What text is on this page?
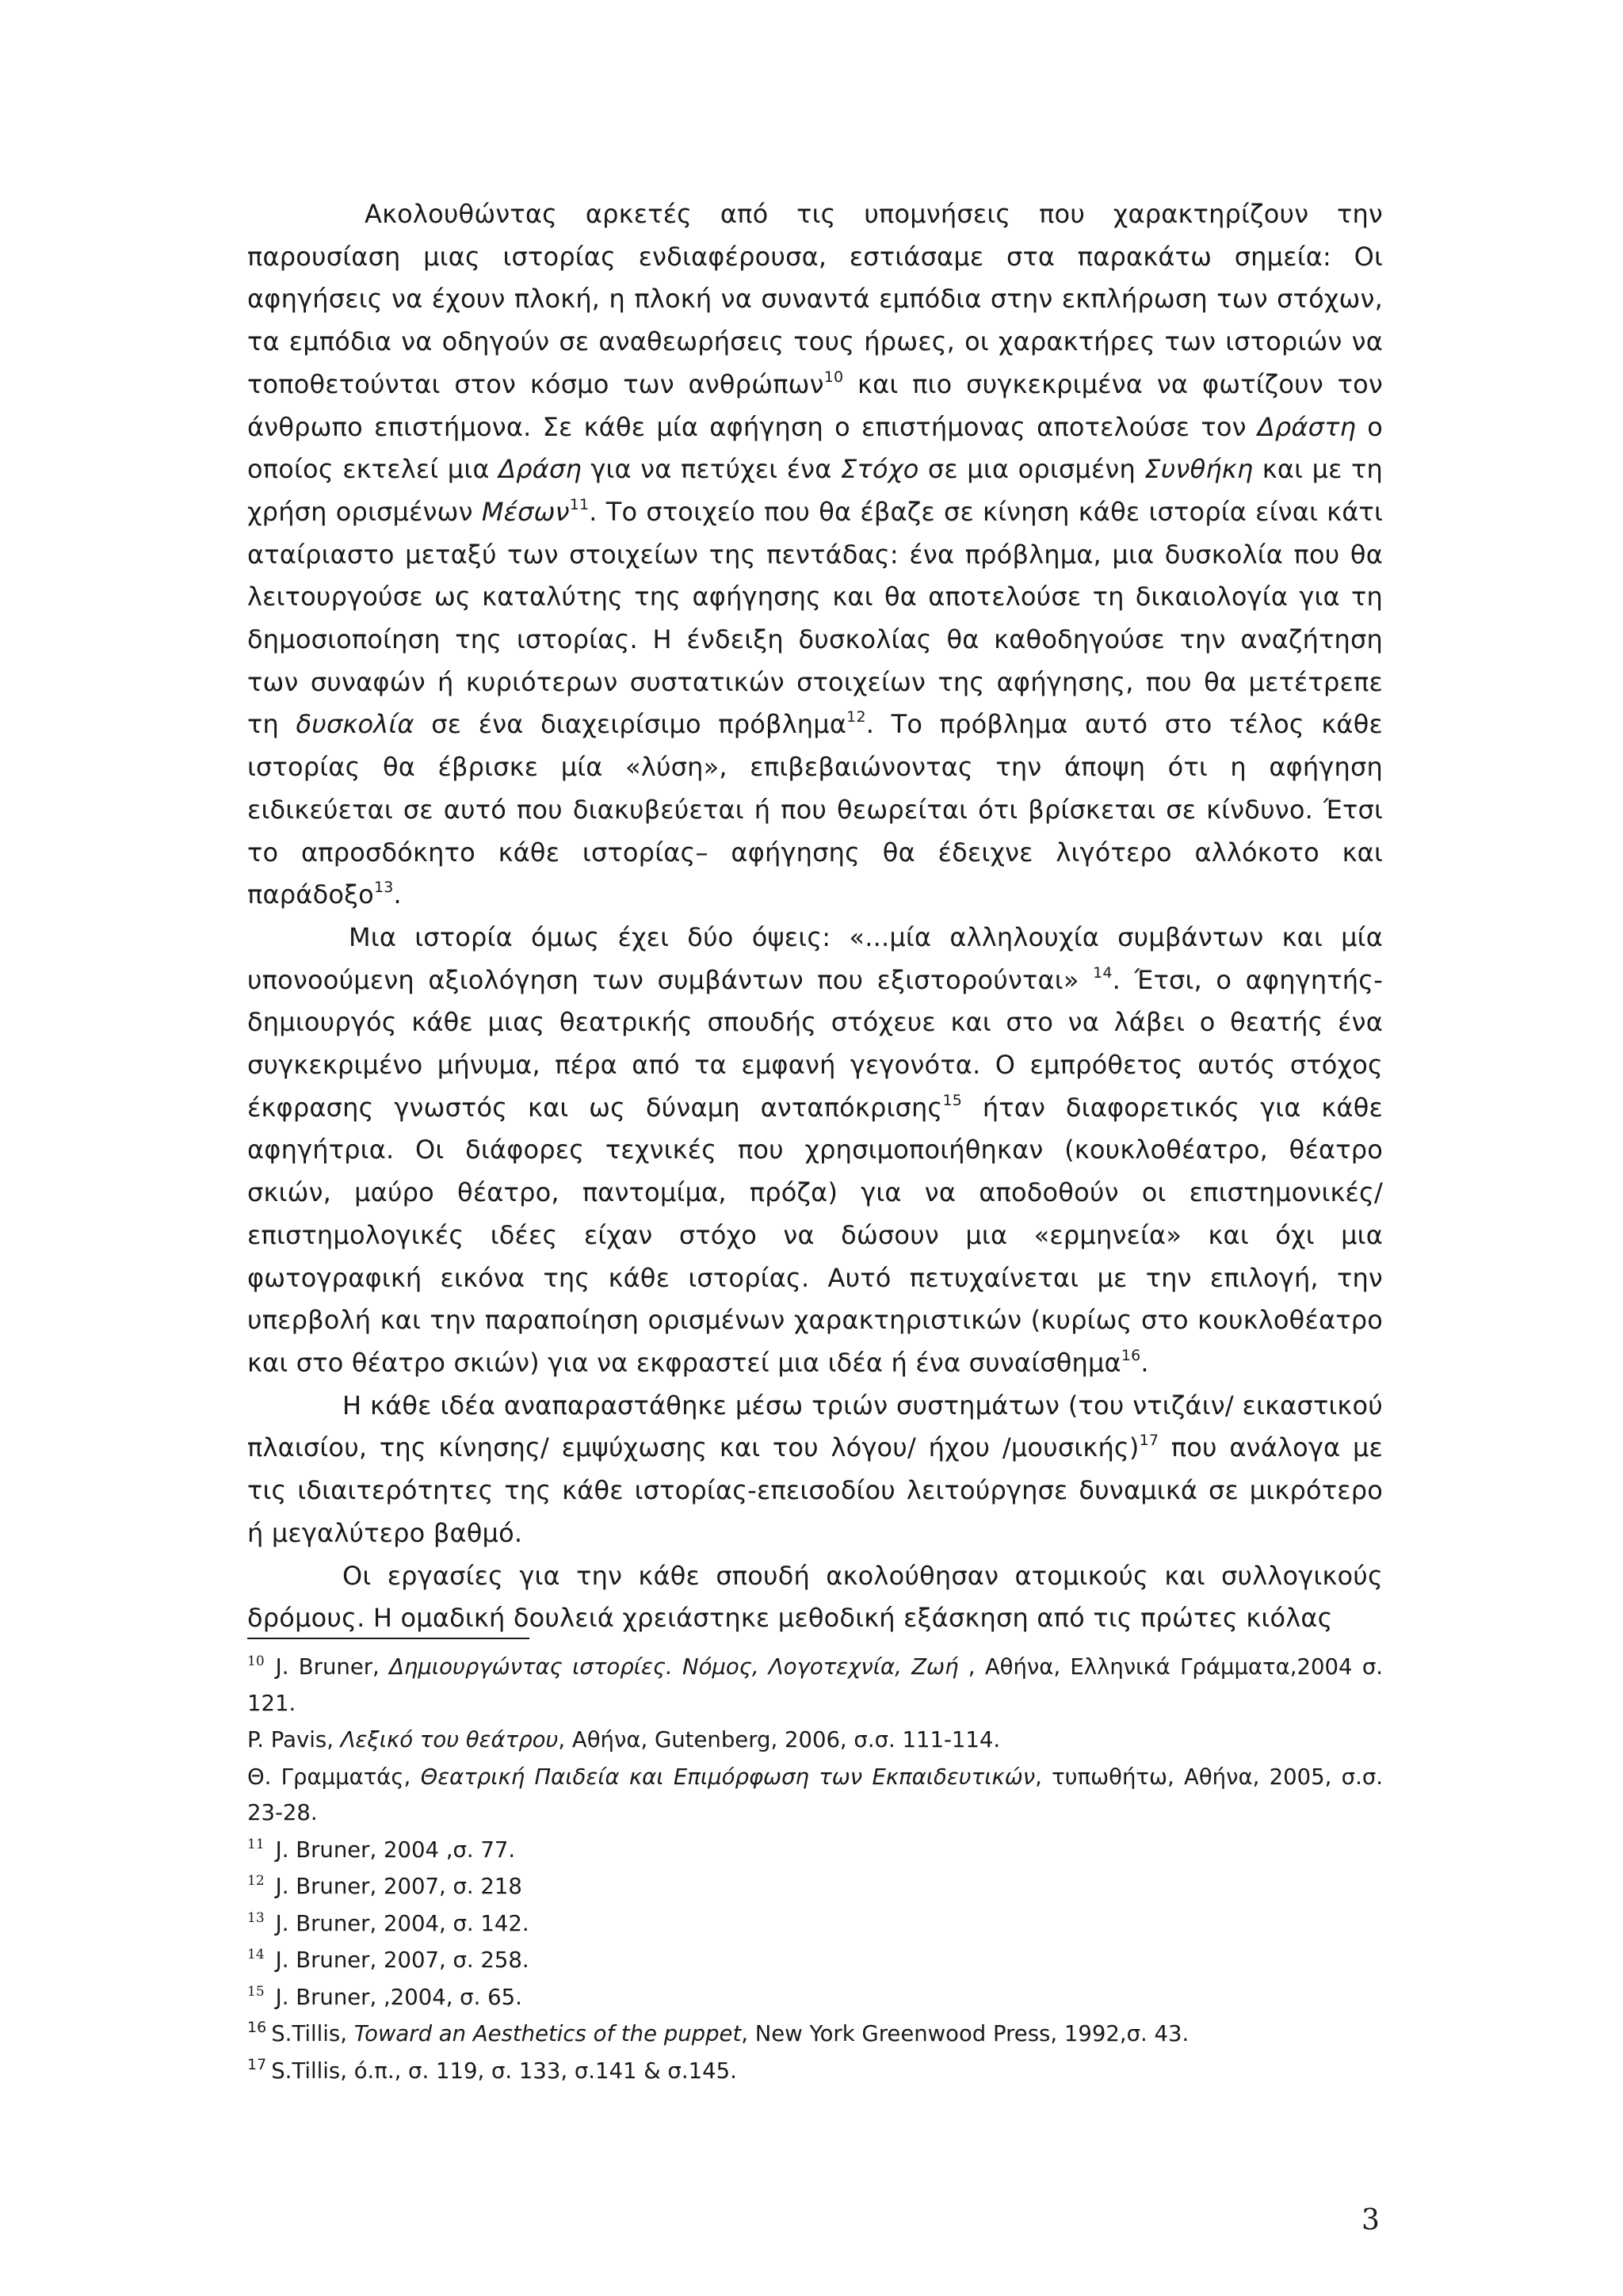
Ακολουθώντας αρκετές από τις υπομνήσεις που χαρακτηρίζουν την παρουσίαση μιας ιστορίας ενδιαφέρουσα, εστιάσαμε στα παρακάτω σημεία: Οι αφηγήσεις να έχουν πλοκή, η πλοκή να συναντά εμπόδια στην εκπλήρωση των στόχων, τα εμπόδια να οδηγούν σε αναθεωρήσεις τους ήρωες, οι χαρακτήρες των ιστοριών να τοποθετούνται στον κόσμο των ανθρώπων$^{10}$ και πιο συγκεκριμένα να φωτίζουν τον άνθρωπο επιστήμονα. Σε κάθε μία αφήγηση ο επιστήμονας αποτελούσε τον Δράστη ο οποίος εκτελεί μια Δράση για να πετύχει ένα Στόχο σε μια ορισμένη Συνθήκη και με τη χρήση ορισμένων Μέσων$^{11}$. Το στοιχείο που θα έβαζε σε κίνηση κάθε ιστορία είναι κάτι αταίριαστο μεταξύ των στοιχείων της πεντάδας: ένα πρόβλημα, μια δυσκολία που θα λειτουργούσε ως καταλύτης της αφήγησης και θα αποτελούσε τη δικαιολογία για τη δημοσιοποίηση της ιστορίας. Η ένδειξη δυσκολίας θα καθοδηγούσε την αναζήτηση των συναφών ή κυριότερων συστατικών στοιχείων της αφήγησης, που θα μετέτρεπε τη δυσκολία σε ένα διαχειρίσιμο πρόβλημα$^{12}$. Το πρόβλημα αυτό στο τέλος κάθε ιστορίας θα έβρισκε μία «λύση», επιβεβαιώνοντας την άποψη ότι η αφήγηση ειδικεύεται σε αυτό που διακυβεύεται ή που θεωρείται ότι βρίσκεται σε κίνδυνο. Έτσι το απροσδόκητο κάθε ιστορίας– αφήγησης θα έδειχνε λιγότερο αλλόκοτο και παράδοξο$^{13}$.

Μια ιστορία όμως έχει δύο όψεις: «...μία αλληλουχία συμβάντων και μία υπονοούμενη αξιολόγηση των συμβάντων που εξιστορούνται» $^{14}$. Έτσι, ο αφηγητής-δημιουργός κάθε μιας θεατρικής σπουδής στόχευε και στο να λάβει ο θεατής ένα συγκεκριμένο μήνυμα, πέρα από τα εμφανή γεγονότα. Ο εμπρόθετος αυτός στόχος έκφρασης γνωστός και ως δύναμη ανταπόκρισης$^{15}$ ήταν διαφορετικός για κάθε αφηγήτρια. Οι διάφορες τεχνικές που χρησιμοποιήθηκαν (κουκλοθέατρο, θέατρο σκιών, μαύρο θέατρο, παντομίμα, πρόζα) για να αποδοθούν οι επιστημονικές/ επιστημολογικές ιδέες είχαν στόχο να δώσουν μια «ερμηνεία» και όχι μια φωτογραφική εικόνα της κάθε ιστορίας. Αυτό πετυχαίνεται με την επιλογή, την υπερβολή και την παραποίηση ορισμένων χαρακτηριστικών (κυρίως στο κουκλοθέατρο και στο θέατρο σκιών) για να εκφραστεί μια ιδέα ή ένα συναίσθημα$^{16}$.

Η κάθε ιδέα αναπαραστάθηκε μέσω τριών συστημάτων (του ντιζάιν/ εικαστικού πλαισίου, της κίνησης/ εμψύχωσης και του λόγου/ ήχου /μουσικής)$^{17}$ που ανάλογα με τις ιδιαιτερότητες της κάθε ιστορίας-επεισοδίου λειτούργησε δυναμικά σε μικρότερο ή μεγαλύτερο βαθμό.

Οι εργασίες για την κάθε σπουδή ακολούθησαν ατομικούς και συλλογικούς δρόμους. Η ομαδική δουλειά χρειάστηκε μεθοδική εξάσκηση από τις πρώτες κιόλας

$^{10}$ J. Bruner, Δημιουργώντας ιστορίες. Νόμος, Λογοτεχνία, Ζωή , Αθήνα, Ελληνικά Γράμματα,2004 σ. 121.

P. Pavis, Λεξικό του θεάτρου, Αθήνα, Gutenberg, 2006, σ.σ. 111-114.

Θ. Γραμματάς, Θεατρική Παιδεία και Επιμόρφωση των Εκπαιδευτικών, τυπωθήτω, Αθήνα, 2005, σ.σ. 23-28.

$^{11}$ J. Bruner, 2004 ,σ. 77.

$^{12}$ J. Bruner, 2007, σ. 218

$^{13}$ J. Bruner, 2004, σ. 142.

$^{14}$ J. Bruner, 2007, σ. 258.

$^{15}$ J. Bruner, ,2004, σ. 65.

$^{16}$ S.Tillis, Toward an Aesthetics of the puppet, New York Greenwood Press, 1992,σ. 43.

$^{17}$ S.Tillis, ό.π., σ. 119, σ. 133, σ.141 & σ.145.

3
